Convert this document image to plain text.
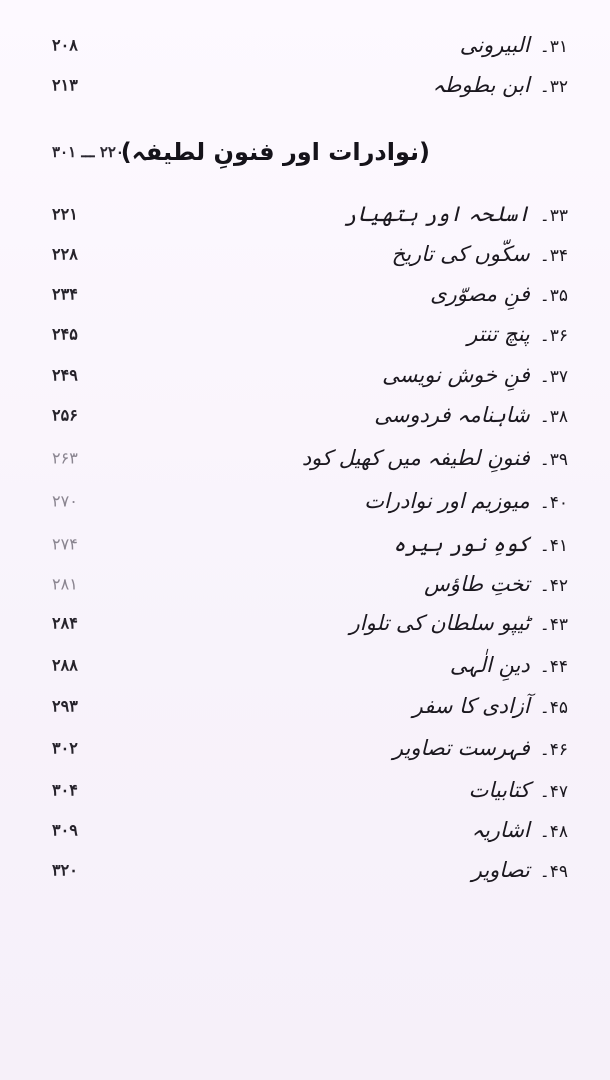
۲۰۸	۳۱۔البیرونی
۲۱۳	۳۲۔ابن بطوطہ
۲۲۰ ـــ ۳۰۱
(نوادرات اور فنونِ لطیفہ)
۲۲۱	۳۳۔اسلحہ اور ہتھیار
۲۲۸	۳۴۔سکّوں کی تاریخ
۲۳۴	۳۵۔فنِ مصوّری
۲۴۵	۳۶۔پنچ تنتر
۲۴۹	۳۷۔فنِ خوش نویسی
۲۵۶	۳۸۔شاہنامہ فردوسی
۲۶۳	۳۹۔فنونِ لطیفہ میں کھیل کود
۲۷۰	۴۰۔میوزیم اور نوادرات
۲۷۴	۴۱۔کوہِ نور ہیرہ
۲۸۱	۴۲۔تختِ طاؤس
۲۸۴	۴۳۔ٹیپو سلطان کی تلوار
۲۸۸	۴۴۔دینِ الٰہی
۲۹۳	۴۵۔آزادی کا سفر
۳۰۲	۴۶۔فہرست تصاویر
۳۰۴	۴۷۔کتابیات
۳۰۹	۴۸۔اشاریہ
۳۲۰	۴۹۔تصاویر
